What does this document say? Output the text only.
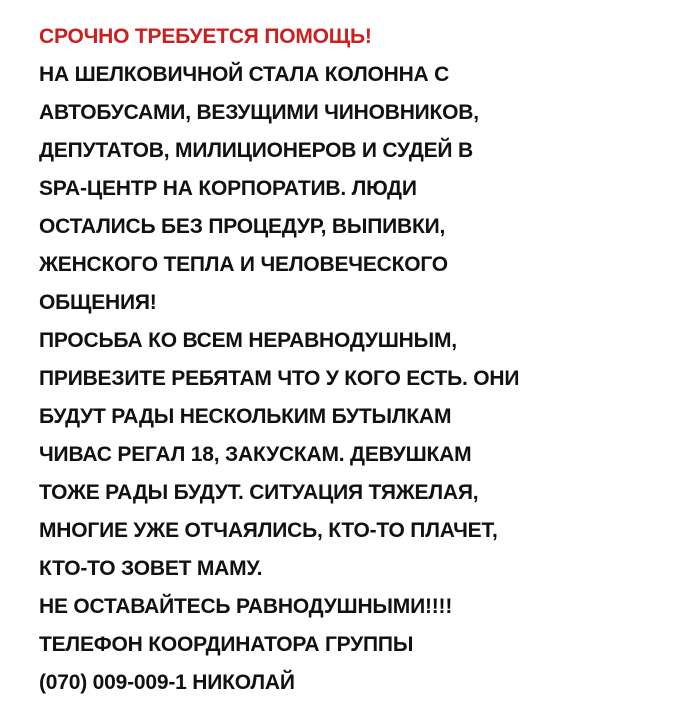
СРОЧНО ТРЕБУЕТСЯ ПОМОЩЬ!
НА ШЕЛКОВИЧНОЙ СТАЛА КОЛОННА С
АВТОБУСАМИ, ВЕЗУЩИМИ ЧИНОВНИКОВ,
ДЕПУТАТОВ, МИЛИЦИОНЕРОВ И СУДЕЙ В
SPA-ЦЕНТР НА КОРПОРАТИВ. ЛЮДИ
ОСТАЛИСЬ БЕЗ ПРОЦЕДУР, ВЫПИВКИ,
ЖЕНСКОГО ТЕПЛА И ЧЕЛОВЕЧЕСКОГО
ОБЩЕНИЯ!
ПРОСЬБА КО ВСЕМ НЕРАВНОДУШНЫМ,
ПРИВЕЗИТЕ РЕБЯТАМ ЧТО У КОГО ЕСТЬ. ОНИ
БУДУТ РАДЫ НЕСКОЛЬКИМ БУТЫЛКАМ
ЧИВАС РЕГАЛ 18, ЗАКУСКАМ. ДЕВУШКАМ
ТОЖЕ РАДЫ БУДУТ. СИТУАЦИЯ ТЯЖЕЛАЯ,
МНОГИЕ УЖЕ ОТЧАЯЛИСЬ, КТО-ТО ПЛАЧЕТ,
КТО-ТО ЗОВЕТ МАМУ.
НЕ ОСТАВАЙТЕСЬ РАВНОДУШНЫМИ!!!!
ТЕЛЕФОН КООРДИНАТОРА ГРУППЫ
(070) 009-009-1 НИКОЛАЙ
